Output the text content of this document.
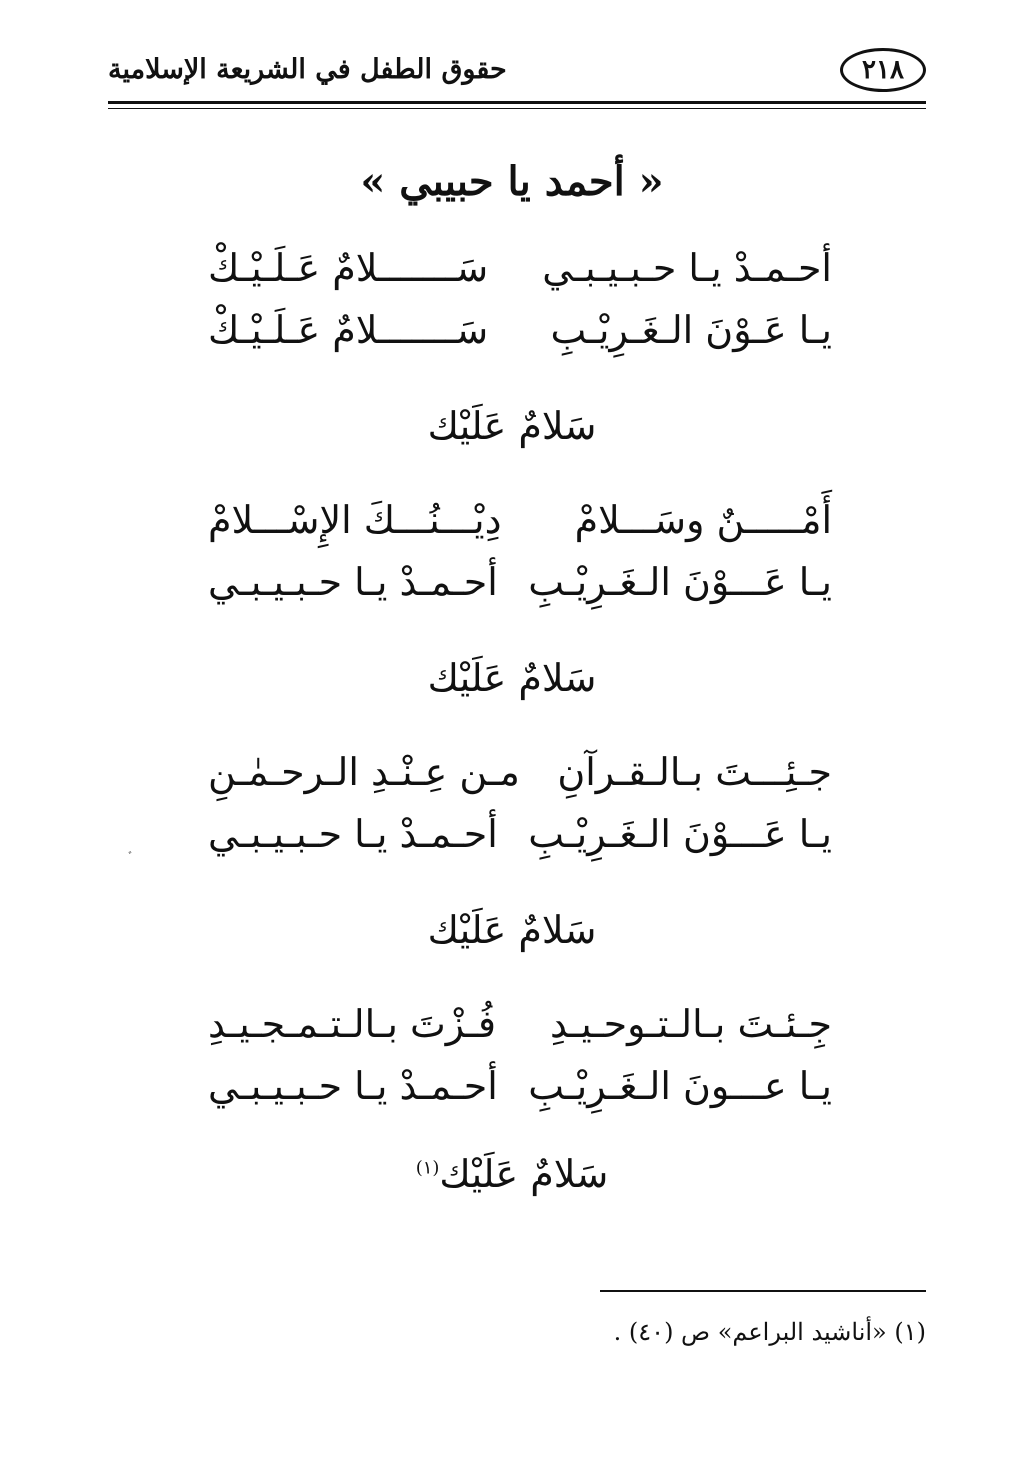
٢١٨
حقوق الطفل في الشريعة الإسلامية
« أحمد يا حبيبي »
أحـمـدْ يـا حـبـيـبـي
سَـــــــلامٌ عَـلَـيْـكْ
يـا عَـوْنَ الـغَـرِيْـبِ
سَـــــــلامٌ عَـلَـيْـكْ
سَلامٌ عَلَيْك
أَمْـــــنٌ وسَـــلامْ
دِيْـــنُـــكَ الإِسْـــلامْ
يـا عَـــوْنَ الـغَـرِيْـبِ
أحـمـدْ يـا حـبـيـبـي
سَلامٌ عَلَيْك
جـئِـــتَ بـالـقـرآنِ
مـن عِـنْـدِ الـرحـمٰـنِ
يـا عَـــوْنَ الـغَـرِيْـبِ
أحـمـدْ يـا حـبـيـبـي
سَلامٌ عَلَيْك
جِـئـتَ بـالـتـوحـيـدِ
فُـزْتَ بـالـتـمـجـيـدِ
يـا عـــونَ الـغَـرِيْـبِ
أحـمـدْ يـا حـبـيـبـي
سَلامٌ عَلَيْك$^{(١)}$
ﾞ
(١) «أناشيد البراعم» ص (٤٠) .
